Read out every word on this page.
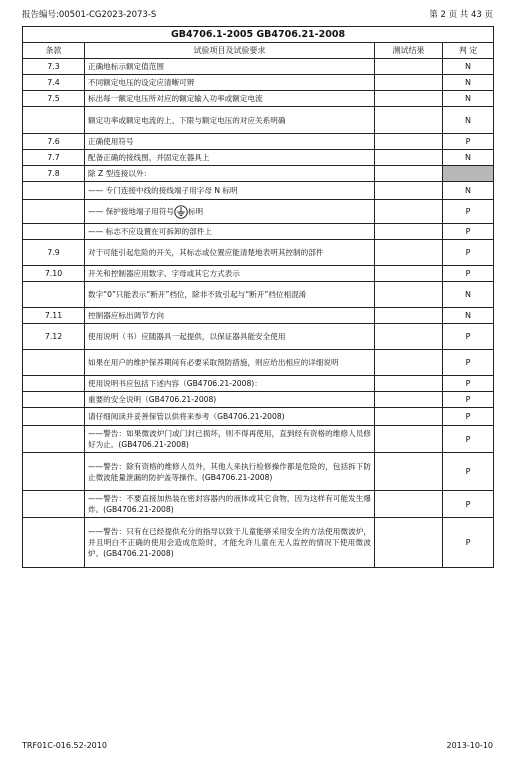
报告编号:00501-CG2023-2073-S	第 2 页 共 43 页
GB4706.1-2005 GB4706.21-2008			
条款	试验项目及试验要求	测试结果	判 定
7.3	正确地标示额定值范围		N
7.4	不同额定电压的设定应清晰可辨		N
7.5	标出每一额定电压所对应的额定输入功率或额定电流		N
	额定功率或额定电流的上、下限与额定电压的对应关系明确		N
7.6	正确使用符号		P
7.7	配备正确的接线图，并固定在器具上		N
7.8	除 Z 型连接以外：		
	—— 专门连接中线的接线端子用字母 N 标明		N
	—— 保护接地端子用符号 标明		P
	—— 标志不应设置在可拆卸的部件上		P
7.9	对于可能引起危险的开关，其标志或位置应能清楚地表明其控制的部件		P
7.10	开关和控制器应用数字、字母或其它方式表示		P
	数字“0”只能表示“断开”档位，除非不致引起与“断开”档位相混淆		N
7.11	控制器应标出调节方向		N
7.12	使用说明（书）应随器具一起提供，以保证器具能安全使用		P
	如果在用户的维护保养期间有必要采取预防措施，则应给出相应的详细说明		P
	使用说明书应包括下述内容（GB4706.21-2008)：		P
	重要的安全说明（GB4706.21-2008)		P
	请仔细阅读并妥善保管以供将来参考（GB4706.21-2008)		P
	——警告：如果微波炉门或门封已损坏，则不得再使用，直到经有资格的维修人员修好为止。(GB4706.21-2008)		P
	——警告：除有资格的维修人员外，其他人来执行检修操作都是危险的，包括拆下防止微波能量泄漏的防护盖等操作。(GB4706.21-2008)		P
	——警告：不要直接加热装在密封容器内的液体或其它食物，因为这样有可能发生爆炸。(GB4706.21-2008)		P
	——警告：只有在已经提供充分的指导以致于儿童能够采用安全的方法使用微波炉，并且明白不正确的使用会造成危险时，才能允许儿童在无人监控的情况下使用微波炉。(GB4706.21-2008)		P
TRF01C-016.52-2010	2013-10-10
